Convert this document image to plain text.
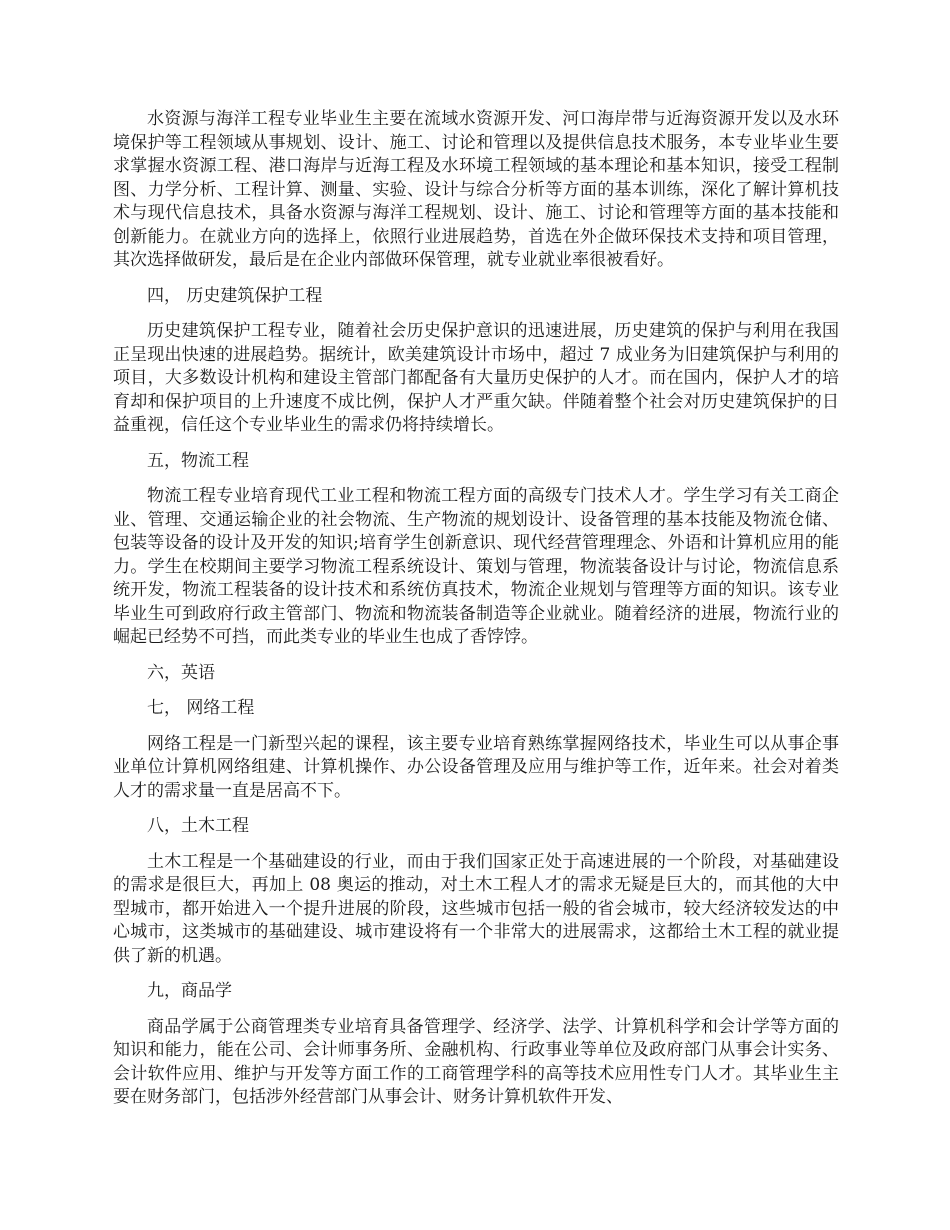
水资源与海洋工程专业毕业生主要在流域水资源开发、河口海岸带与近海资源开发以及水环境保护等工程领域从事规划、设计、施工、讨论和管理以及提供信息技术服务，本专业毕业生要求掌握水资源工程、港口海岸与近海工程及水环境工程领域的基本理论和基本知识，接受工程制图、力学分析、工程计算、测量、实验、设计与综合分析等方面的基本训练，深化了解计算机技术与现代信息技术，具备水资源与海洋工程规划、设计、施工、讨论和管理等方面的基本技能和创新能力。在就业方向的选择上，依照行业进展趋势，首选在外企做环保技术支持和项目管理，其次选择做研发，最后是在企业内部做环保管理，就专业就业率很被看好。

四， 历史建筑保护工程

历史建筑保护工程专业，随着社会历史保护意识的迅速进展，历史建筑的保护与利用在我国正呈现出快速的进展趋势。据统计，欧美建筑设计市场中，超过 7 成业务为旧建筑保护与利用的项目，大多数设计机构和建设主管部门都配备有大量历史保护的人才。而在国内，保护人才的培育却和保护项目的上升速度不成比例，保护人才严重欠缺。伴随着整个社会对历史建筑保护的日益重视，信任这个专业毕业生的需求仍将持续增长。

五，物流工程

物流工程专业培育现代工业工程和物流工程方面的高级专门技术人才。学生学习有关工商企业、管理、交通运输企业的社会物流、生产物流的规划设计、设备管理的基本技能及物流仓储、包装等设备的设计及开发的知识;培育学生创新意识、现代经营管理理念、外语和计算机应用的能力。学生在校期间主要学习物流工程系统设计、策划与管理，物流装备设计与讨论，物流信息系统开发，物流工程装备的设计技术和系统仿真技术，物流企业规划与管理等方面的知识。该专业毕业生可到政府行政主管部门、物流和物流装备制造等企业就业。随着经济的进展，物流行业的崛起已经势不可挡，而此类专业的毕业生也成了香饽饽。

六，英语

七， 网络工程

网络工程是一门新型兴起的课程，该主要专业培育熟练掌握网络技术，毕业生可以从事企事业单位计算机网络组建、计算机操作、办公设备管理及应用与维护等工作，近年来。社会对着类人才的需求量一直是居高不下。

八，土木工程

土木工程是一个基础建设的行业，而由于我们国家正处于高速进展的一个阶段，对基础建设的需求是很巨大，再加上 08 奥运的推动，对土木工程人才的需求无疑是巨大的，而其他的大中型城市，都开始进入一个提升进展的阶段，这些城市包括一般的省会城市，较大经济较发达的中心城市，这类城市的基础建设、城市建设将有一个非常大的进展需求，这都给土木工程的就业提供了新的机遇。

九，商品学

商品学属于公商管理类专业培育具备管理学、经济学、法学、计算机科学和会计学等方面的知识和能力，能在公司、会计师事务所、金融机构、行政事业等单位及政府部门从事会计实务、会计软件应用、维护与开发等方面工作的工商管理学科的高等技术应用性专门人才。其毕业生主要在财务部门，包括涉外经营部门从事会计、财务计算机软件开发、
